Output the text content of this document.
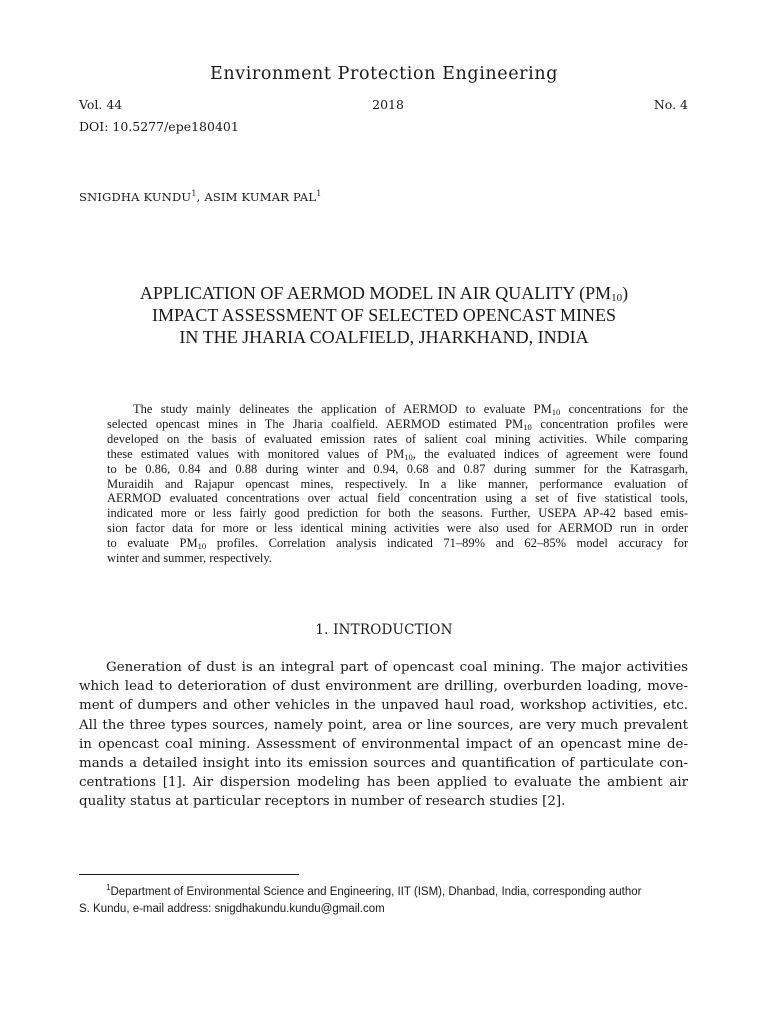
Environment Protection Engineering
Vol. 44	2018	No. 4
DOI: 10.5277/epe180401
SNIGDHA KUNDU$^1$, ASIM KUMAR PAL$^1$
APPLICATION OF AERMOD MODEL IN AIR QUALITY $(PM_{10})$
IMPACT ASSESSMENT OF SELECTED OPENCAST MINES
IN THE JHARIA COALFIELD, JHARKHAND, INDIA
The study mainly delineates the application of AERMOD to evaluate $PM_{10}$ concentrations for the
selected opencast mines in The Jharia coalfield. AERMOD estimated $PM_{10}$ concentration profiles were
developed on the basis of evaluated emission rates of salient coal mining activities. While comparing
these estimated values with monitored values of $PM_{10}$, the evaluated indices of agreement were found
to be 0.86, 0.84 and 0.88 during winter and 0.94, 0.68 and 0.87 during summer for the Katrasgarh,
Muraidih and Rajapur opencast mines, respectively. In a like manner, performance evaluation of
AERMOD evaluated concentrations over actual field concentration using a set of five statistical tools,
indicated more or less fairly good prediction for both the seasons. Further, USEPA AP-42 based emis-
sion factor data for more or less identical mining activities were also used for AERMOD run in order
to evaluate $PM_{10}$ profiles. Correlation analysis indicated 71–89% and 62–85% model accuracy for
winter and summer, respectively.
1. INTRODUCTION
Generation of dust is an integral part of opencast coal mining. The major activities
which lead to deterioration of dust environment are drilling, overburden loading, move-
ment of dumpers and other vehicles in the unpaved haul road, workshop activities, etc.
All the three types sources, namely point, area or line sources, are very much prevalent
in opencast coal mining. Assessment of environmental impact of an opencast mine de-
mands a detailed insight into its emission sources and quantification of particulate con-
centrations [1]. Air dispersion modeling has been applied to evaluate the ambient air
quality status at particular receptors in number of research studies [2].
$^1$Department of Environmental Science and Engineering, IIT (ISM), Dhanbad, India, corresponding author
S. Kundu, e-mail address: snigdhakundu.kundu@gmail.com
